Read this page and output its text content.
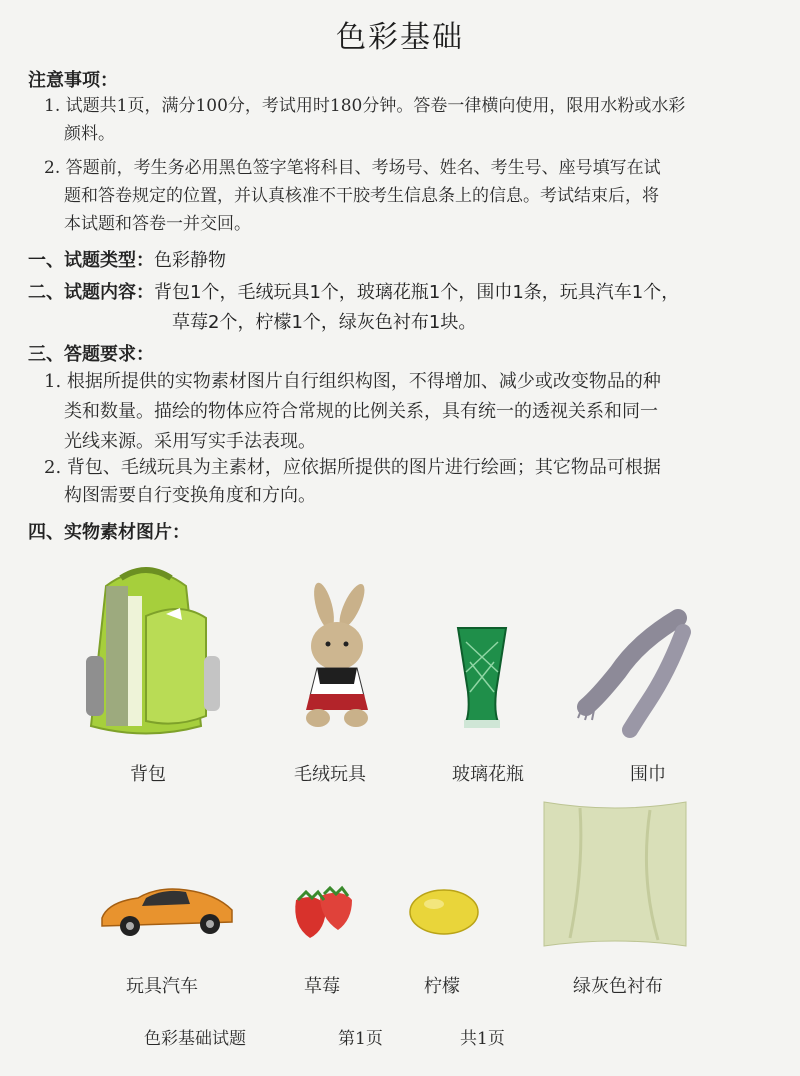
色彩基础
注意事项：
1. 试题共1页，满分100分，考试用时180分钟。答卷一律横向使用，限用水粉或水彩
颜料。
2. 答题前，考生务必用黑色签字笔将科目、考场号、姓名、考生号、座号填写在试
题和答卷规定的位置，并认真核准不干胶考生信息条上的信息。考试结束后，将
本试题和答卷一并交回。
一、试题类型：色彩静物
二、试题内容：背包1个，毛绒玩具1个，玻璃花瓶1个，围巾1条，玩具汽车1个，
草莓2个，柠檬1个，绿灰色衬布1块。
三、答题要求：
1. 根据所提供的实物素材图片自行组织构图，不得增加、减少或改变物品的种
类和数量。描绘的物体应符合常规的比例关系，具有统一的透视关系和同一
光线来源。采用写实手法表现。
2. 背包、毛绒玩具为主素材，应依据所提供的图片进行绘画；其它物品可根据
构图需要自行变换角度和方向。
四、实物素材图片：
背包	毛绒玩具	玻璃花瓶	围巾
玩具汽车	草莓	柠檬	绿灰色衬布
色彩基础试题	第1页	共1页
